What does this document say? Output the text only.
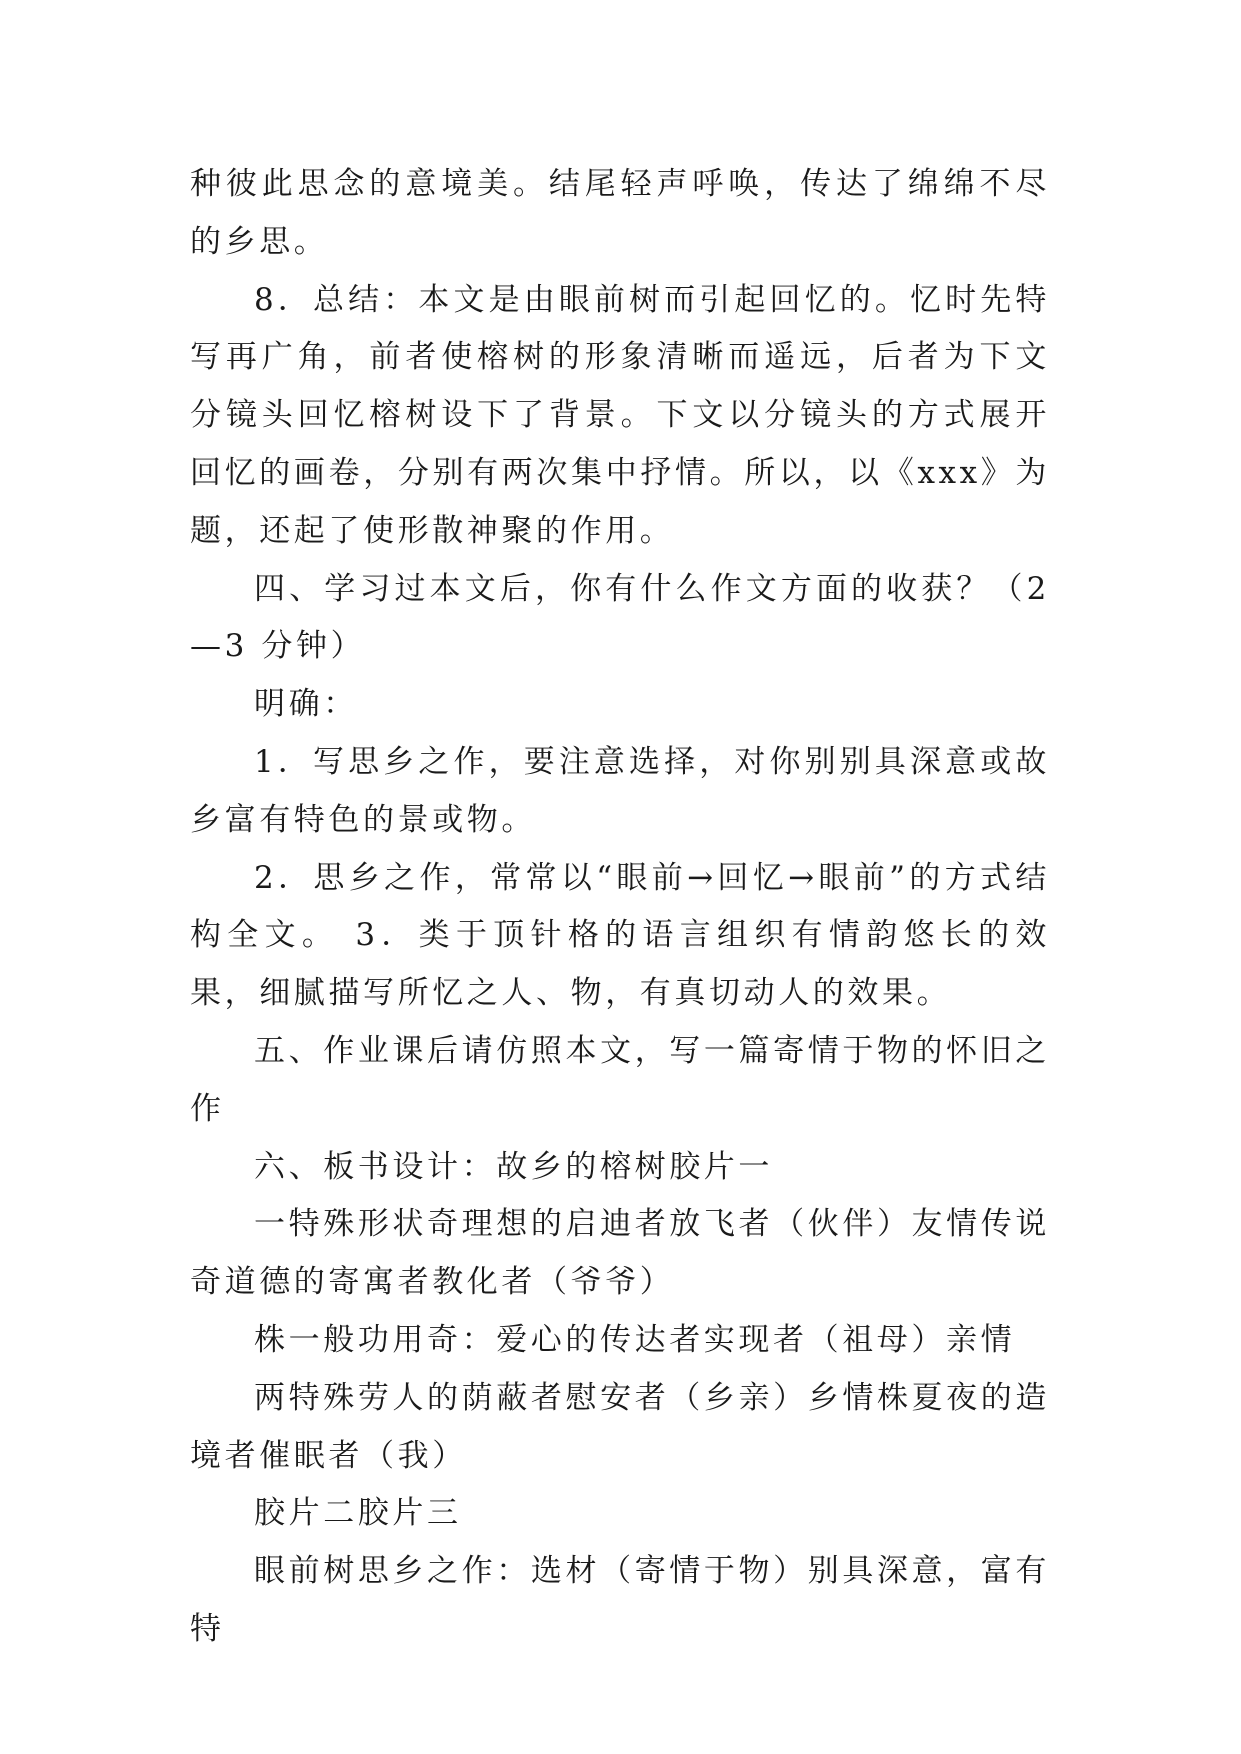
种彼此思念的意境美。结尾轻声呼唤，传达了绵绵不尽的乡思。

8．总结：本文是由眼前树而引起回忆的。忆时先特写再广角，前者使榕树的形象清晰而遥远，后者为下文分镜头回忆榕树设下了背景。下文以分镜头的方式展开回忆的画卷，分别有两次集中抒情。所以，以《xxx》为题，还起了使形散神聚的作用。

四、学习过本文后，你有什么作文方面的收获？（2 —3 分钟）

明确：

1．写思乡之作，要注意选择，对你别别具深意或故乡富有特色的景或物。

2．思乡之作，常常以“眼前→回忆→眼前”的方式结构全文。 3．类于顶针格的语言组织有情韵悠长的效果，细腻描写所忆之人、物，有真切动人的效果。

五、作业课后请仿照本文，写一篇寄情于物的怀旧之作

六、板书设计：故乡的榕树胶片一

一特殊形状奇理想的启迪者放飞者（伙伴）友情传说奇道德的寄寓者教化者（爷爷）

株一般功用奇：爱心的传达者实现者（祖母）亲情

两特殊劳人的荫蔽者慰安者（乡亲）乡情株夏夜的造境者催眠者（我）

胶片二胶片三

眼前树思乡之作：选材（寄情于物）别具深意，富有特
